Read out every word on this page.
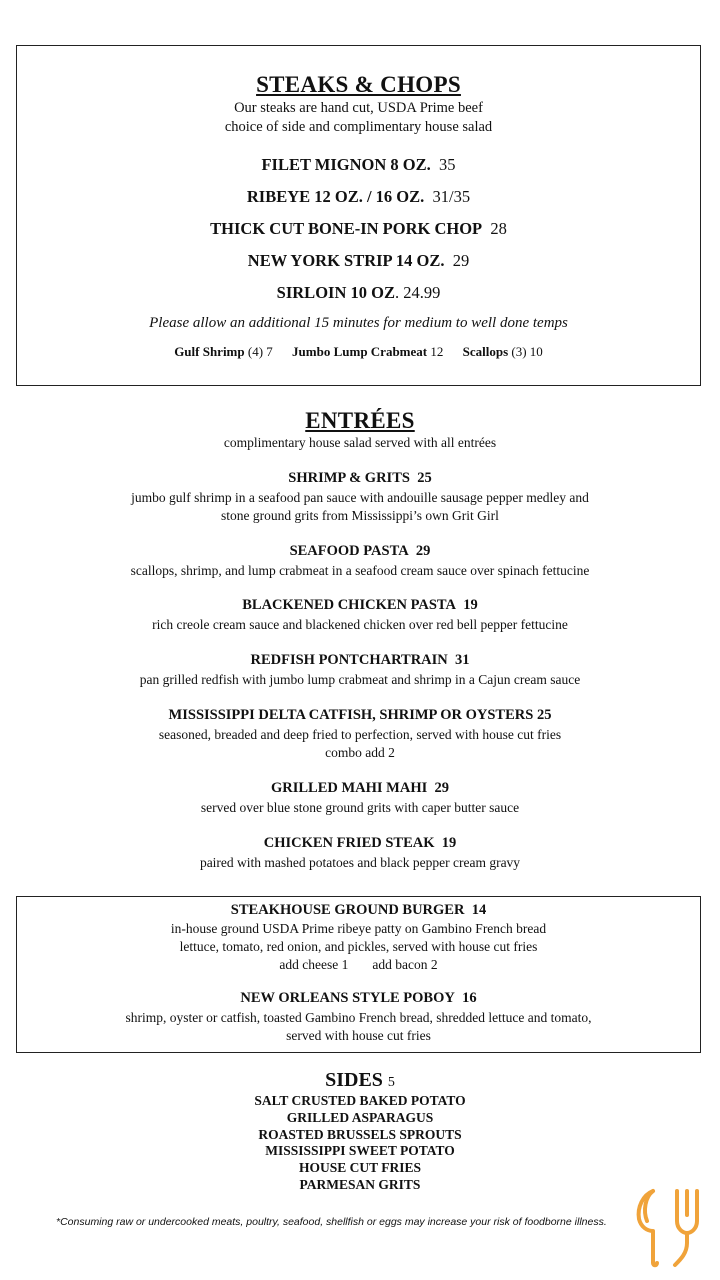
STEAKS & CHOPS
Our steaks are hand cut, USDA Prime beef
choice of side and complimentary house salad
FILET MIGNON 8 OZ. 35
RIBEYE 12 OZ. / 16 OZ. 31/35
THICK CUT BONE-IN PORK CHOP 28
NEW YORK STRIP 14 OZ. 29
SIRLOIN 10 OZ. 24.99
Please allow an additional 15 minutes for medium to well done temps
Gulf Shrimp (4) 7 Jumbo Lump Crabmeat 12 Scallops (3) 10
ENTRÉES
complimentary house salad served with all entrées
SHRIMP & GRITS 25
jumbo gulf shrimp in a seafood pan sauce with andouille sausage pepper medley and
stone ground grits from Mississippi’s own Grit Girl
SEAFOOD PASTA 29
scallops, shrimp, and lump crabmeat in a seafood cream sauce over spinach fettucine
BLACKENED CHICKEN PASTA 19
rich creole cream sauce and blackened chicken over red bell pepper fettucine
REDFISH PONTCHARTRAIN 31
pan grilled redfish with jumbo lump crabmeat and shrimp in a Cajun cream sauce
MISSISSIPPI DELTA CATFISH, SHRIMP OR OYSTERS 25
seasoned, breaded and deep fried to perfection, served with house cut fries
combo add 2
GRILLED MAHI MAHI 29
served over blue stone ground grits with caper butter sauce
CHICKEN FRIED STEAK 19
paired with mashed potatoes and black pepper cream gravy
STEAKHOUSE GROUND BURGER 14
in-house ground USDA Prime ribeye patty on Gambino French bread
lettuce, tomato, red onion, and pickles, served with house cut fries
add cheese 1 add bacon 2
NEW ORLEANS STYLE POBOY 16
shrimp, oyster or catfish, toasted Gambino French bread, shredded lettuce and tomato,
served with house cut fries
SIDES 5
SALT CRUSTED BAKED POTATO
GRILLED ASPARAGUS
ROASTED BRUSSELS SPROUTS
MISSISSIPPI SWEET POTATO
HOUSE CUT FRIES
PARMESAN GRITS
*Consuming raw or undercooked meats, poultry, seafood, shellfish or eggs may increase your risk of foodborne illness.
